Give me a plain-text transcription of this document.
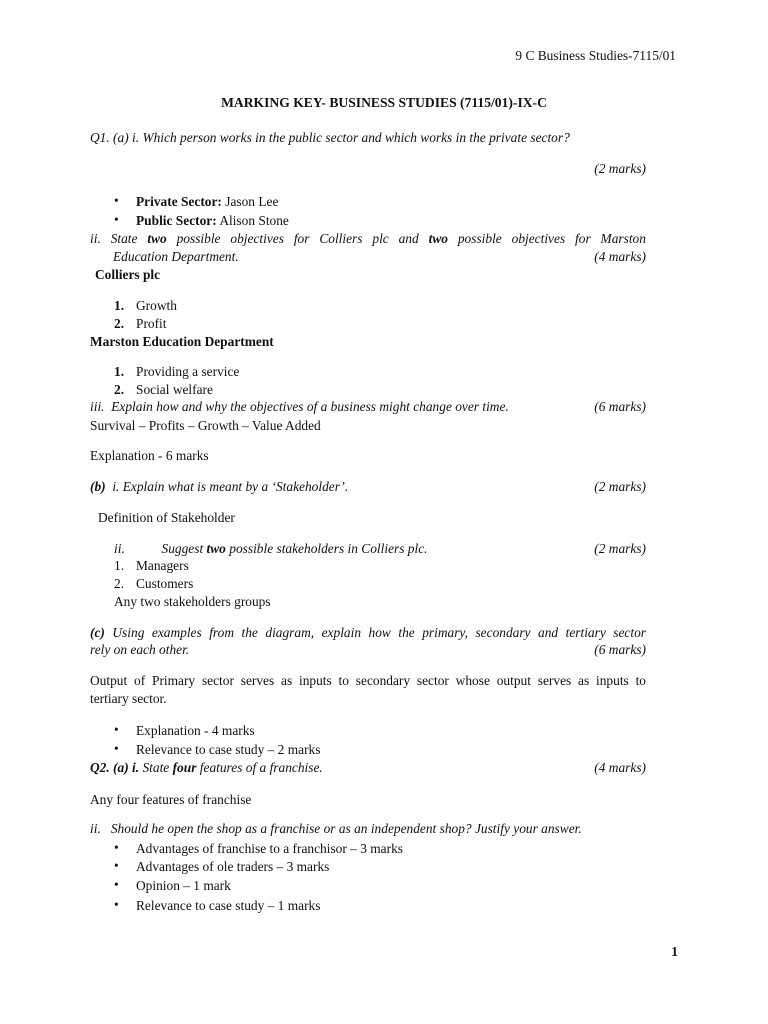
9 C Business Studies-7115/01
MARKING KEY- BUSINESS STUDIES (7115/01)-IX-C
Q1. (a) i. Which person works in the public sector and which works in the private sector?
(2 marks)
•	Private Sector: Jason Lee
•	Public Sector: Alison Stone
ii. State two possible objectives for Colliers plc and two possible objectives for Marston
Education Department.	(4 marks)
Colliers plc
1. Growth
2. Profit
Marston Education Department
1. Providing a service
2. Social welfare
iii. Explain how and why the objectives of a business might change over time.	(6 marks)
Survival – Profits – Growth – Value Added
Explanation - 6 marks
(b) i. Explain what is meant by a ‘Stakeholder’.	(2 marks)
Definition of Stakeholder
ii.	Suggest two possible stakeholders in Colliers plc.	(2 marks)
1. Managers
2. Customers
Any two stakeholders groups
(c) Using examples from the diagram, explain how the primary, secondary and tertiary sector
rely on each other.	(6 marks)
Output of Primary sector serves as inputs to secondary sector whose output serves as inputs to
tertiary sector.
•	Explanation - 4 marks
•	Relevance to case study – 2 marks
Q2. (a) i. State four features of a franchise.	(4 marks)
Any four features of franchise
ii. Should he open the shop as a franchise or as an independent shop? Justify your answer.
•	Advantages of franchise to a franchisor – 3 marks
•	Advantages of ole traders – 3 marks
•	Opinion – 1 mark
•	Relevance to case study – 1 marks
1
